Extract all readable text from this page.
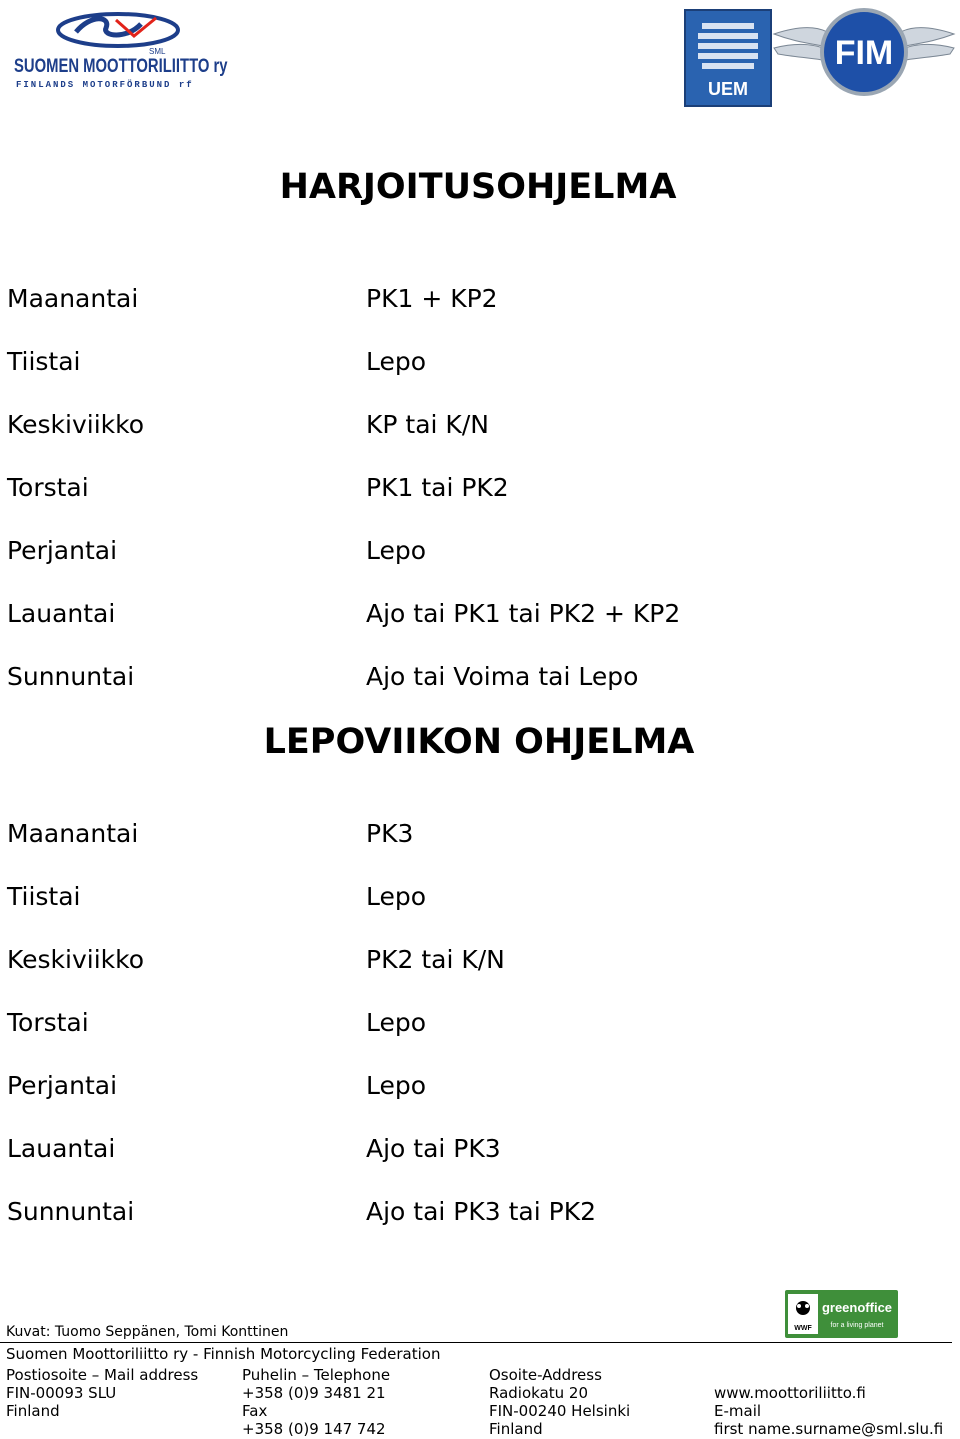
SML
SUOMEN MOOTTORILIITTO ry
FINLANDS MOTORFÖRBUND rf	UEM
FIM
HARJOITUSOHJELMA
Maanantai	PK1 + KP2
Tiistai	Lepo
Keskiviikko	KP tai K/N
Torstai	PK1 tai PK2
Perjantai	Lepo
Lauantai	Ajo tai PK1 tai PK2 + KP2
Sunnuntai	Ajo tai Voima tai Lepo
LEPOVIIKON OHJELMA
Maanantai	PK3
Tiistai	Lepo
Keskiviikko	PK2 tai K/N
Torstai	Lepo
Perjantai	Lepo
Lauantai	Ajo tai PK3
Sunnuntai	Ajo tai PK3 tai PK2
WWF
greenoffice
for a living planet
Kuvat: Tuomo Seppänen, Tomi Konttinen
Suomen Moottoriliitto ry - Finnish Motorcycling Federation
Postiosoite – Mail address
FIN-00093 SLU
Finland
Puhelin – Telephone
+358 (0)9 3481 21
Fax
+358 (0)9 147 742
Osoite-Address
Radiokatu 20
FIN-00240 Helsinki
Finland

www.moottoriliitto.fi
E-mail
first name.surname@sml.slu.fi
